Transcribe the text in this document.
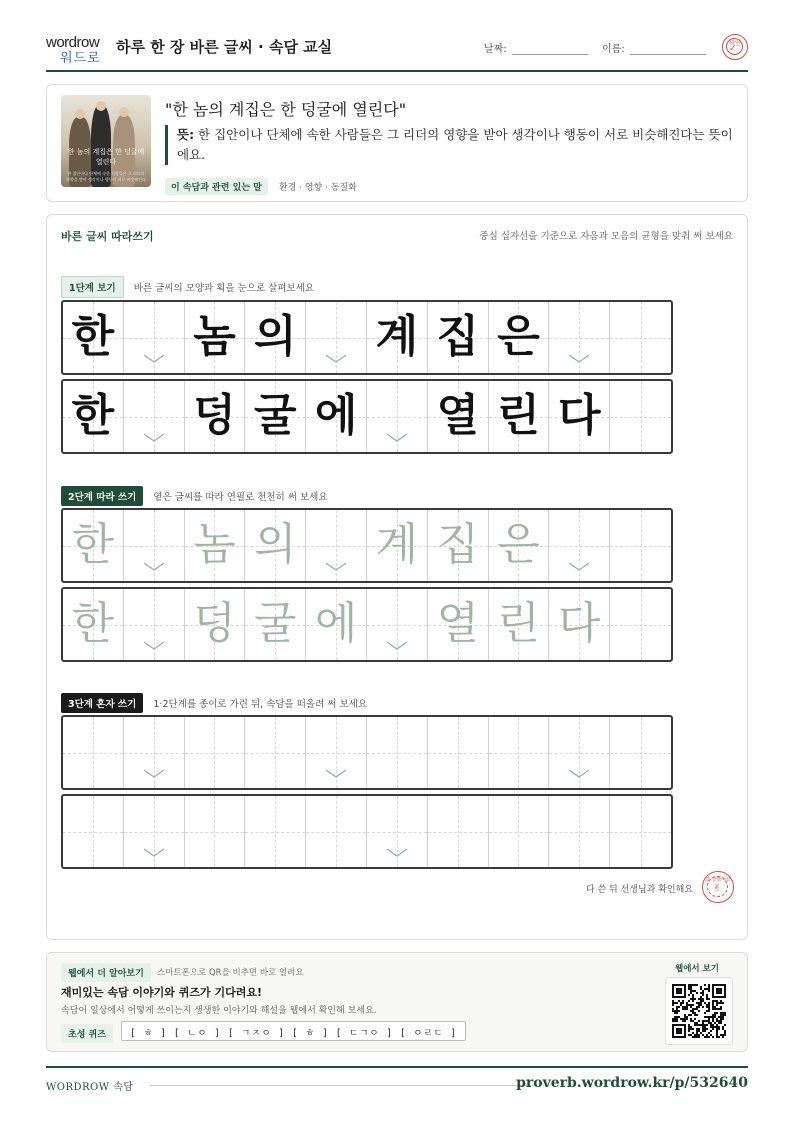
wordrow
워드로
하루 한 장 바른 글씨 · 속담 교실	날짜:	이름:
확인
✓
한 놈의 계집은 한 덩굴에 열린다
한 집안이나 단체에 속한 사람들은 그 리더의 영향을 받아 생각이나 행동이 서로 비슷해진다
"한 놈의 계집은 한 덩굴에 열린다"
뜻: 한 집안이나 단체에 속한 사람들은 그 리더의 영향을 받아 생각이나 행동이 서로 비슷해진다는 뜻이에요.
이 속담과 관련 있는 말 환경 · 영향 · 동질화
바른 글씨 따라쓰기	중심 십자선을 기준으로 자음과 모음의 균형을 맞춰 써 보세요
1단계 보기 바른 글씨의 모양과 획을 눈으로 살펴보세요
한 놈 의 계 집 은
한 덩 굴 에 열 린 다
2단계 따라 쓰기 옅은 글씨를 따라 연필로 천천히 써 보세요
한 놈 의 계 집 은
한 덩 굴 에 열 린 다
3단계 혼자 쓰기 1·2단계를 종이로 가린 뒤, 속담을 떠올려 써 보세요
다 쓴 뒤 선생님과 확인해요
참 잘했어요
✌
웹에서 더 알아보기	스마트폰으로 QR을 비추면 바로 열려요
재미있는 속담 이야기와 퀴즈가 기다려요!
속담이 일상에서 어떻게 쓰이는지 생생한 이야기와 해설을 웹에서 확인해 보세요.
초성 퀴즈	[ ㅎ ] [ ㄴㅇ ] [ ㄱㅈㅇ ] [ ㅎ ] [ ㄷㄱㅇ ] [ ㅇㄹㄷ ]
웹에서 보기
WORDROW 속담	proverb.wordrow.kr/p/532640
